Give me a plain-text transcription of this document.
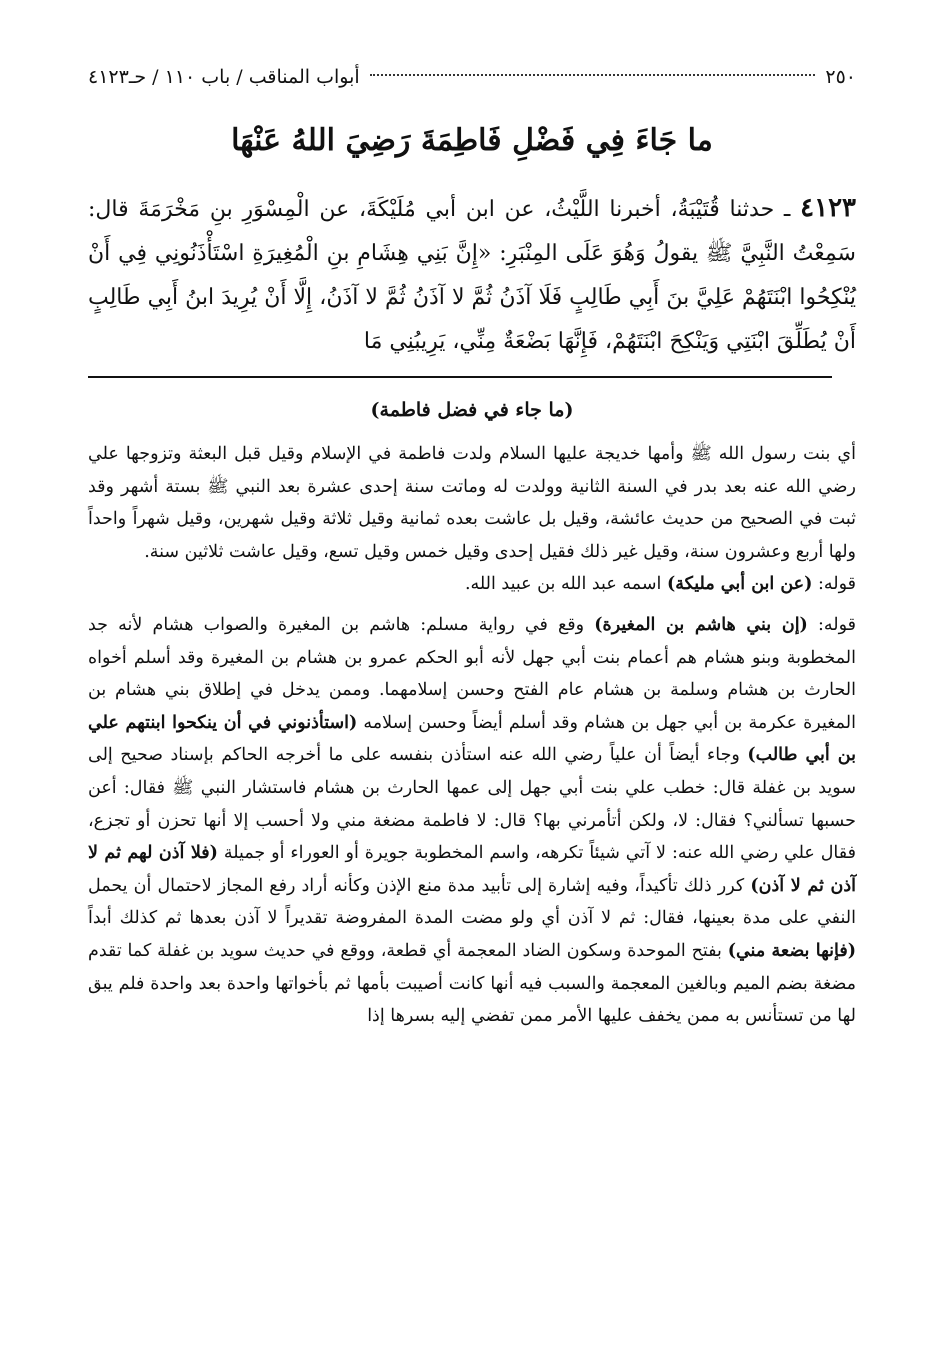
٢٥٠
أبواب المناقب / باب ١١٠ / حـ٤١٢٣
ما جَاءَ فِي فَضْلِ فَاطِمَةَ رَضِيَ اللهُ عَنْهَا
٤١٢٣ ـ حدثنا قُتَيْبَةُ، أخبرنا اللَّيْثُ، عن ابن أبي مُلَيْكَةَ، عن الْمِسْوَرِ بنِ مَخْرَمَةَ قال: سَمِعْتُ النَّبِيَّ ﷺ يقولُ وَهُوَ عَلَى المِنْبَرِ: «إِنَّ بَنِي هِشَامِ بنِ الْمُغِيرَةِ اسْتَأْذَنُونِي فِي أَنْ يُنْكِحُوا ابْنَتَهُمْ عَلِيَّ بنَ أَبِي طَالِبٍ فَلَا آذَنُ ثُمَّ لا آذَنُ ثُمَّ لا آذَنُ، إِلَّا أَنْ يُرِيدَ ابنُ أَبِي طَالِبٍ أَنْ يُطَلِّقَ ابْنَتِي وَيَنْكِحَ ابْنَتَهُمْ، فَإِنَّهَا بَضْعَةٌ مِنِّي، يَرِيبُنِي مَا
(ما جاء في فضل فاطمة)

أي بنت رسول الله ﷺ وأمها خديجة عليها السلام ولدت فاطمة في الإسلام وقيل قبل البعثة وتزوجها علي رضي الله عنه بعد بدر في السنة الثانية وولدت له وماتت سنة إحدى عشرة بعد النبي ﷺ بستة أشهر وقد ثبت في الصحيح من حديث عائشة، وقيل بل عاشت بعده ثمانية وقيل ثلاثة وقيل شهرين، وقيل شهراً واحداً ولها أربع وعشرون سنة، وقيل غير ذلك فقيل إحدى وقيل خمس وقيل تسع، وقيل عاشت ثلاثين سنة.

قوله: (عن ابن أبي مليكة) اسمه عبد الله بن عبيد الله.

قوله: (إن بني هاشم بن المغيرة) وقع في رواية مسلم: هاشم بن المغيرة والصواب هشام لأنه جد المخطوبة وبنو هشام هم أعمام بنت أبي جهل لأنه أبو الحكم عمرو بن هشام بن المغيرة وقد أسلم أخواه الحارث بن هشام وسلمة بن هشام عام الفتح وحسن إسلامهما. وممن يدخل في إطلاق بني هشام بن المغيرة عكرمة بن أبي جهل بن هشام وقد أسلم أيضاً وحسن إسلامه (استأذنوني في أن ينكحوا ابنتهم علي بن أبي طالب) وجاء أيضاً أن علياً رضي الله عنه استأذن بنفسه على ما أخرجه الحاكم بإسناد صحيح إلى سويد بن غفلة قال: خطب علي بنت أبي جهل إلى عمها الحارث بن هشام فاستشار النبي ﷺ فقال: أعن حسبها تسألني؟ فقال: لا، ولكن أتأمرني بها؟ قال: لا فاطمة مضغة مني ولا أحسب إلا أنها تحزن أو تجزع، فقال علي رضي الله عنه: لا آتي شيئاً تكرهه، واسم المخطوبة جويرة أو العوراء أو جميلة (فلا آذن لهم ثم لا آذن ثم لا آذن) كرر ذلك تأكيداً، وفيه إشارة إلى تأبيد مدة منع الإذن وكأنه أراد رفع المجاز لاحتمال أن يحمل النفي على مدة بعينها، فقال: ثم لا آذن أي ولو مضت المدة المفروضة تقديراً لا آذن بعدها ثم كذلك أبداً (فإنها بضعة مني) بفتح الموحدة وسكون الضاد المعجمة أي قطعة، ووقع في حديث سويد بن غفلة كما تقدم مضغة بضم الميم وبالغين المعجمة والسبب فيه أنها كانت أصيبت بأمها ثم بأخواتها واحدة بعد واحدة فلم يبق لها من تستأنس به ممن يخفف عليها الأمر ممن تفضي إليه بسرها إذا
